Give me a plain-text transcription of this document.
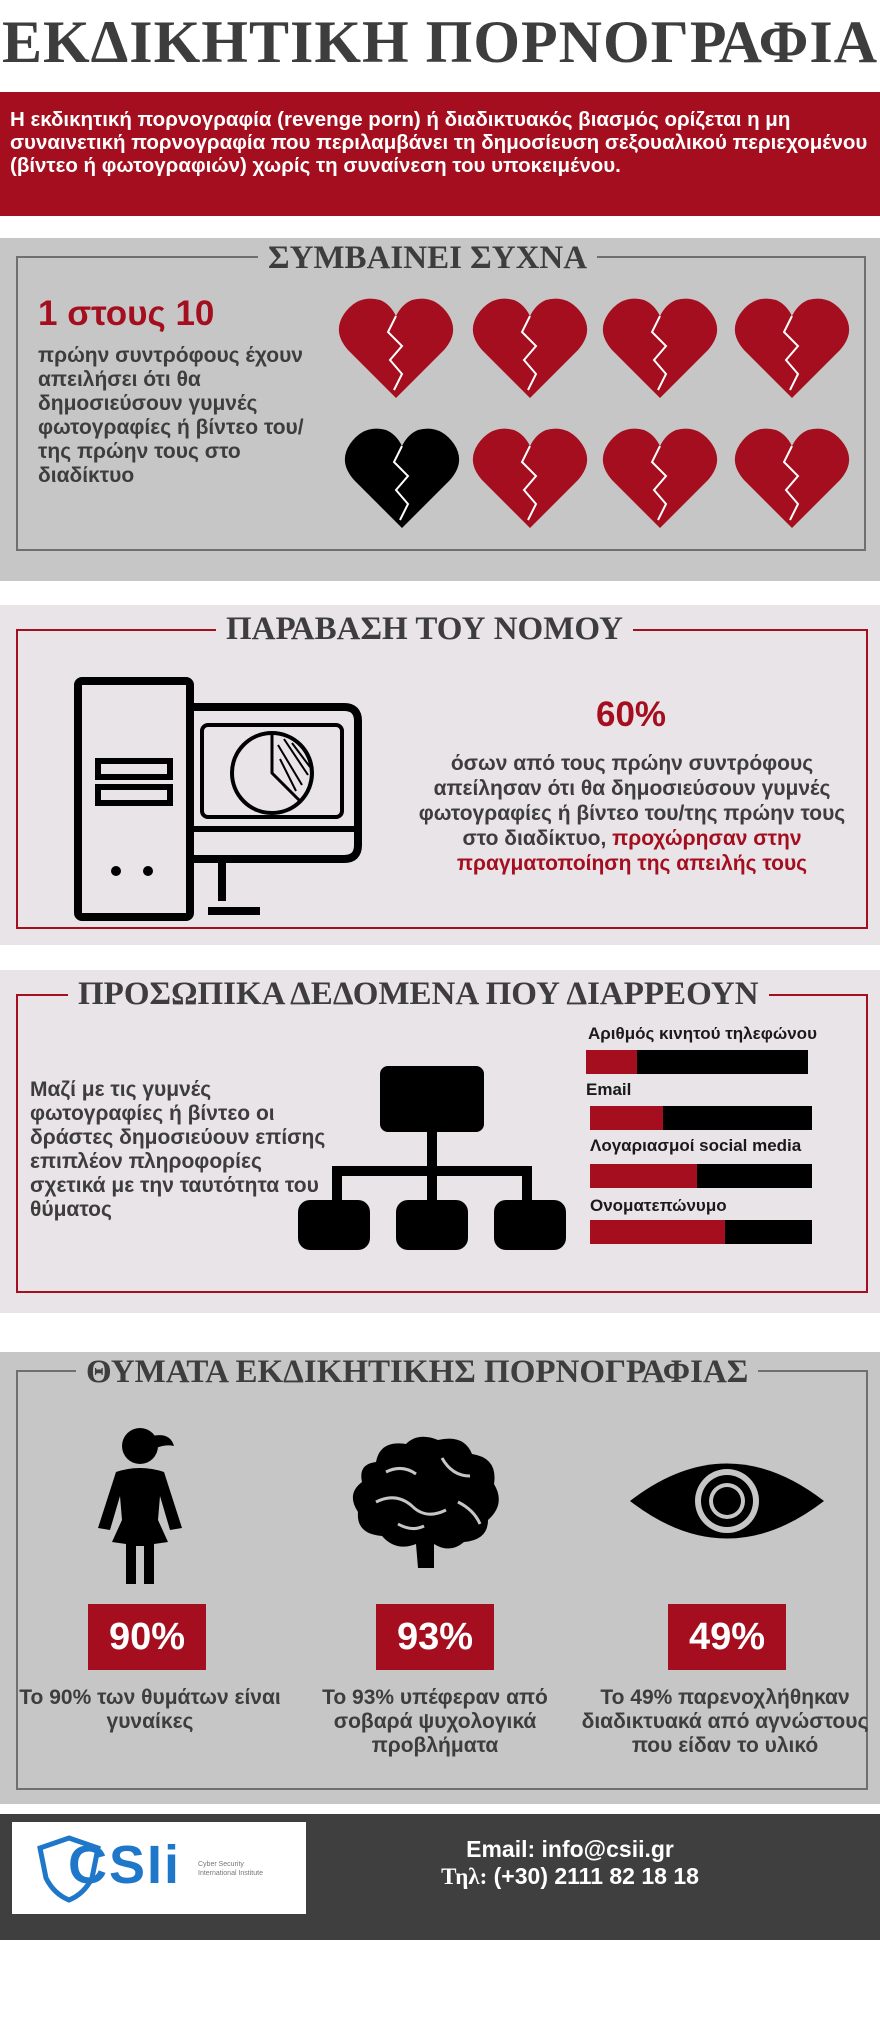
ΕΚΔΙΚΗΤΙΚΗ ΠΟΡΝΟΓΡΑΦΙΑ
Η εκδικητική πορνογραφία (revenge porn) ή διαδικτυακός βιασμός ορίζεται η μη συναινετική πορνογραφία που περιλαμβάνει τη δημοσίευση σεξουαλικού περιεχομένου (βίντεο ή φωτογραφιών) χωρίς τη συναίνεση του υποκειμένου.
ΣΥΜΒΑΙΝΕΙ ΣΥΧΝΑ
1 στους 10
πρώην συντρόφους έχουν απειλήσει ότι θα δημοσιεύσουν γυμνές φωτογραφίες ή βίντεο του/της πρώην τους στο διαδίκτυο
ΠΑΡΑΒΑΣΗ ΤΟΥ ΝΟΜΟΥ
60%
όσων από τους πρώην συντρόφους απείλησαν ότι θα δημοσιεύσουν γυμνές φωτογραφίες ή βίντεο του/της πρώην τους στο διαδίκτυο, προχώρησαν στην πραγματοποίηση της απειλής τους
ΠΡΟΣΩΠΙΚΑ ΔΕΔΟΜΕΝΑ ΠΟΥ ΔΙΑΡΡΕΟΥΝ
Μαζί με τις γυμνές φωτογραφίες ή βίντεο οι δράστες δημοσιεύουν επίσης επιπλέον πληροφορίες σχετικά με την ταυτότητα του θύματος
Αριθμός κινητού τηλεφώνου
Email
Λογαριασμοί social media
Ονοματεπώνυμο
ΘΥΜΑΤΑ ΕΚΔΙΚΗΤΙΚΗΣ ΠΟΡΝΟΓΡΑΦΙΑΣ
90%	93%	49%
Το 90% των θυμάτων είναι γυναίκες
Το 93% υπέφεραν από σοβαρά ψυχολογικά προβλήματα
Το 49% παρενοχλήθηκαν διαδικτυακά από αγνώστους που είδαν το υλικό
CSIi Cyber Security International Institute
Email: info@csii.gr
Τηλ: (+30) 2111 82 18 18
